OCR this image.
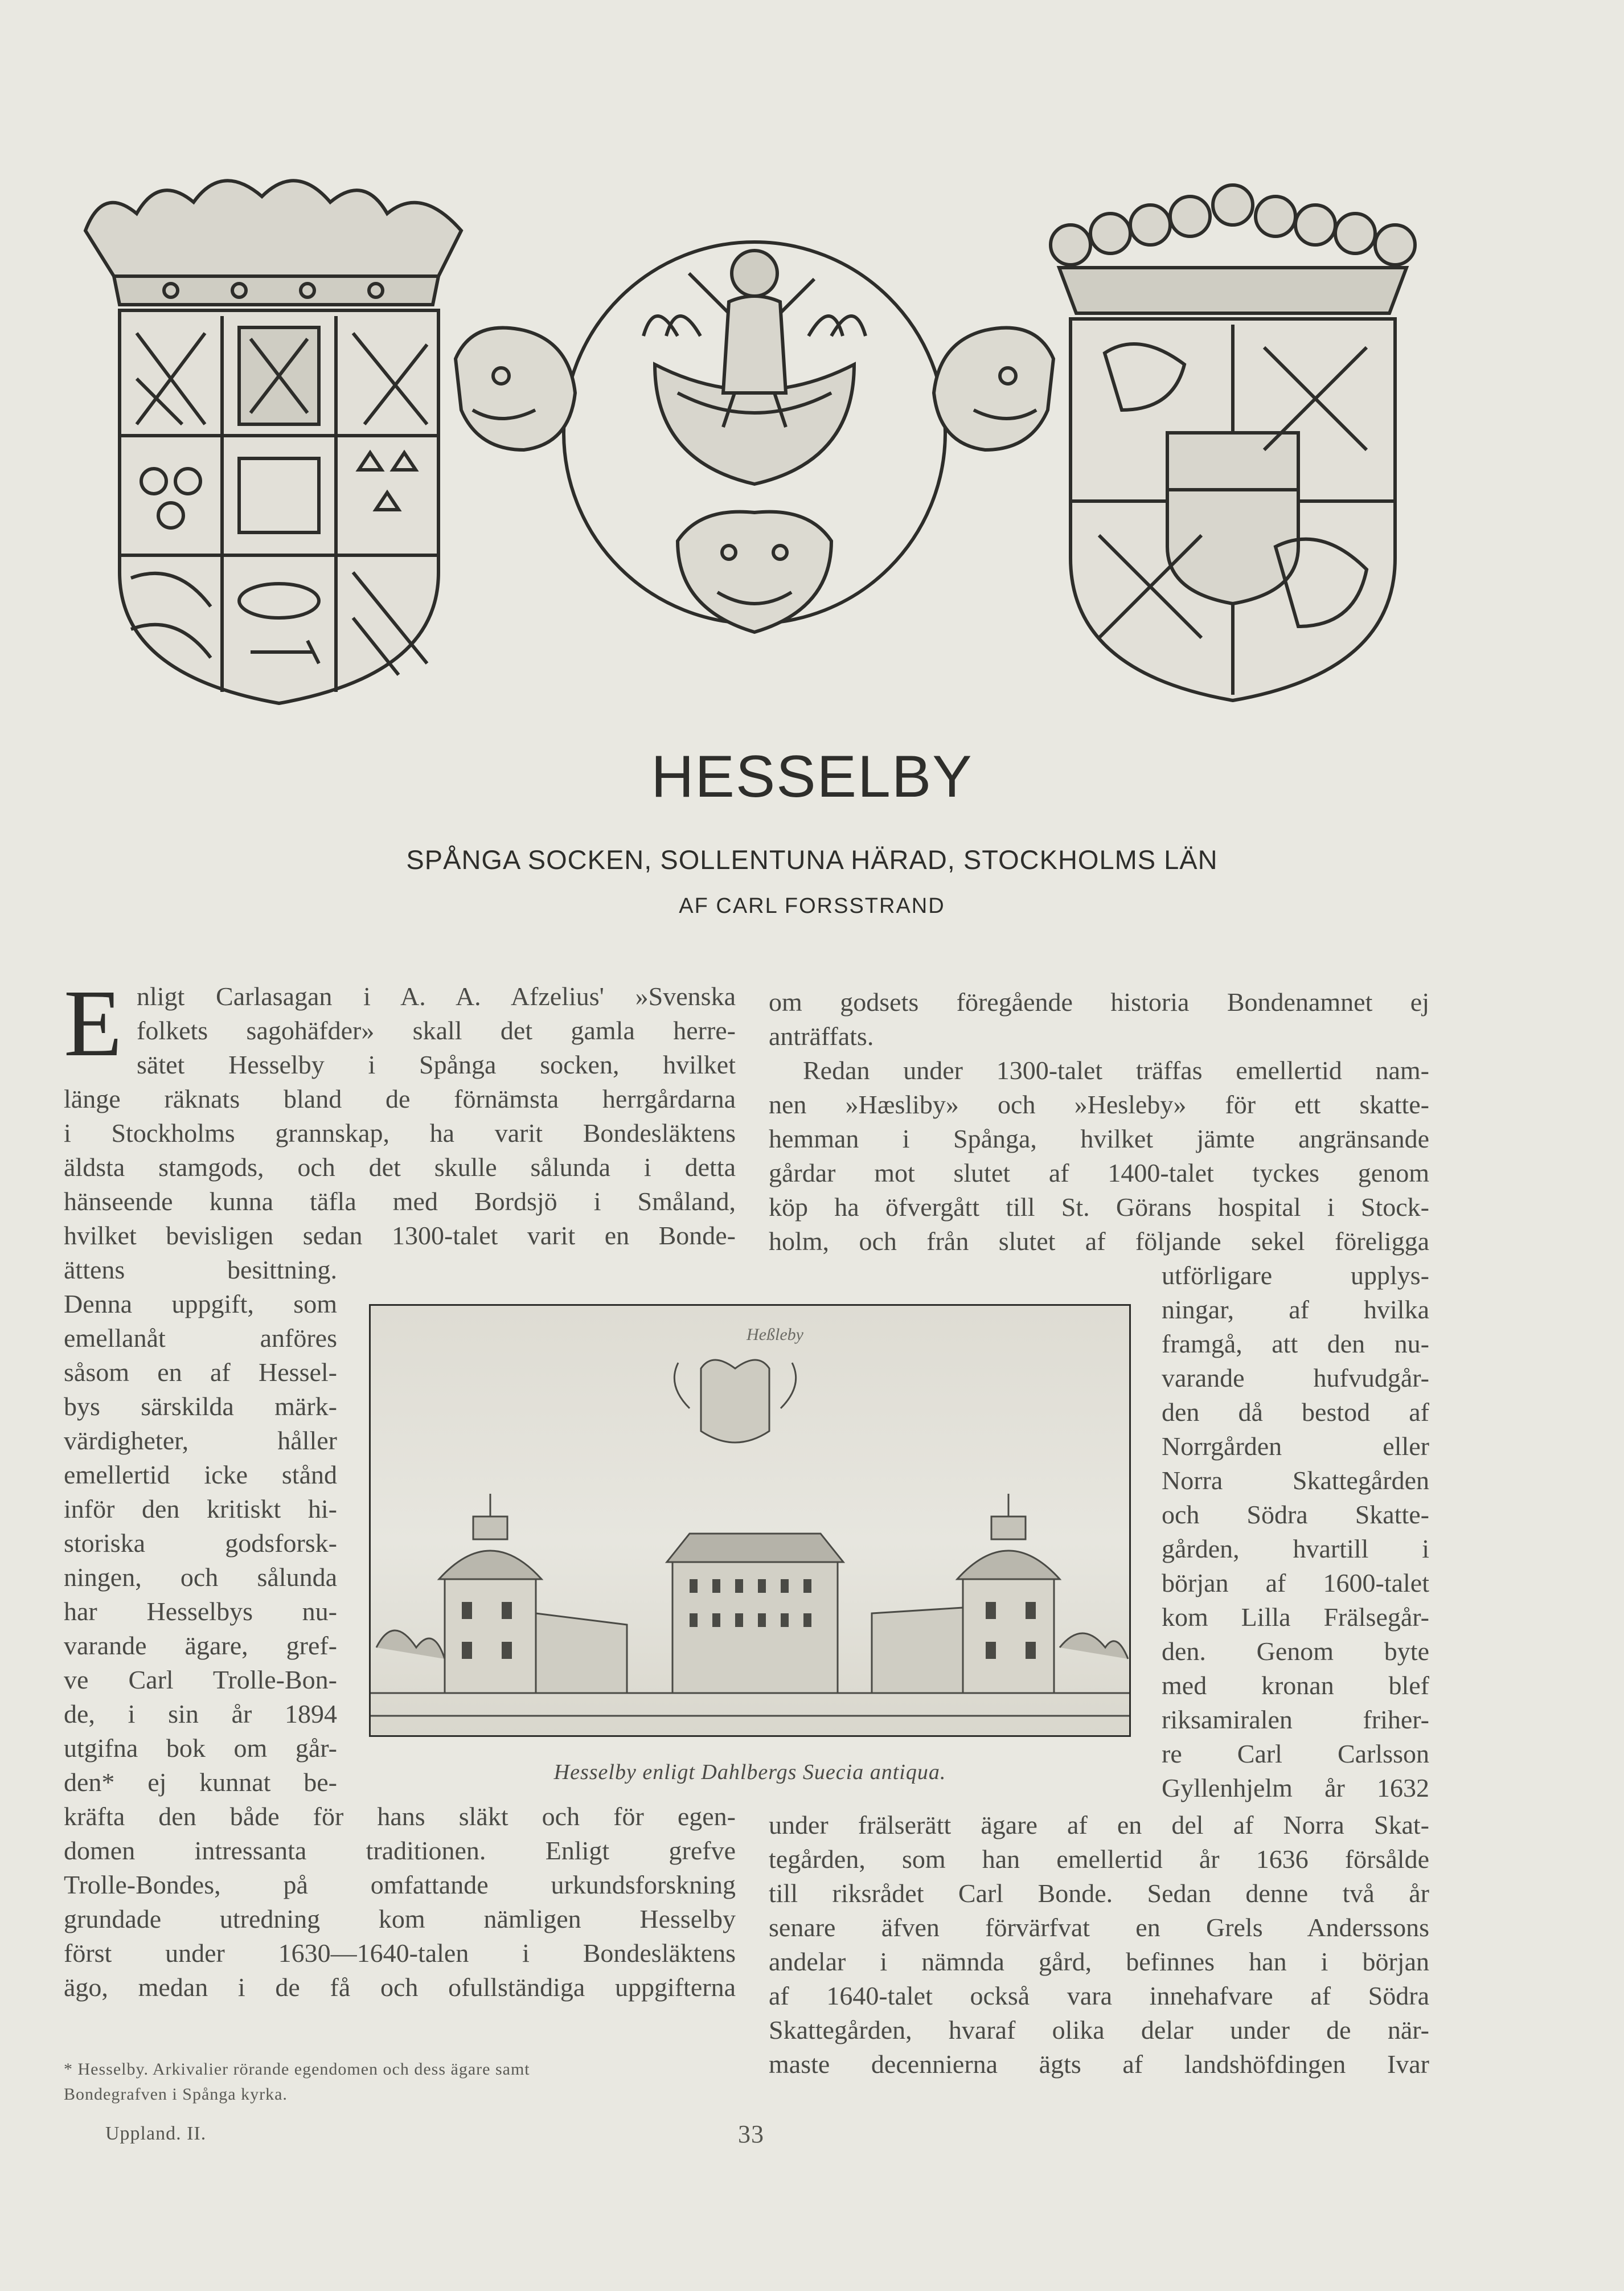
HESSELBY
SPÅNGA SOCKEN, SOLLENTUNA HÄRAD, STOCKHOLMS LÄN
AF CARL FORSSTRAND
E nligt Carlasagan i A. A. Afzelius' »Svenska
folkets sagohäfder» skall det gamla herre-
sätet Hesselby i Spånga socken, hvilket
länge räknats bland de förnämsta herrgårdarna
i Stockholms grannskap, ha varit Bondesläktens
äldsta stamgods, och det skulle sålunda i detta
hänseende kunna täfla med Bordsjö i Småland,
hvilket bevisligen sedan 1300-talet varit en Bonde-
ättens besittning.
Denna uppgift, som
emellanåt anföres
såsom en af Hessel-
bys särskilda märk-
värdigheter, håller
emellertid icke stånd
inför den kritiskt hi-
storiska godsforsk-
ningen, och sålunda
har Hesselbys nu-
varande ägare, gref-
ve Carl Trolle-Bon-
de, i sin år 1894
utgifna bok om går-
den* ej kunnat be-
kräfta den både för hans släkt och för egen-
domen intressanta traditionen. Enligt grefve
Trolle-Bondes, på omfattande urkundsforskning
grundade utredning kom nämligen Hesselby
först under 1630—1640-talen i Bondesläktens
ägo, medan i de få och ofullständiga uppgifterna
om godsets föregående historia Bondenamnet ej
anträffats.
Redan under 1300-talet träffas emellertid nam-
nen »Hæsliby» och »Hesleby» för ett skatte-
hemman i Spånga, hvilket jämte angränsande
gårdar mot slutet af 1400-talet tyckes genom
köp ha öfvergått till St. Görans hospital i Stock-
holm, och från slutet af följande sekel föreligga
utförligare upplys-
ningar, af hvilka
framgå, att den nu-
varande hufvudgår-
den då bestod af
Norrgården eller
Norra Skattegården
och Södra Skatte-
gården, hvartill i
början af 1600-talet
kom Lilla Frälsegår-
den. Genom byte
med kronan blef
riksamiralen friher-
re Carl Carlsson
Gyllenhjelm år 1632
under frälserätt ägare af en del af Norra Skat-
tegården, som han emellertid år 1636 försålde
till riksrådet Carl Bonde. Sedan denne två år
senare äfven förvärfvat en Grels Anderssons
andelar i nämnda gård, befinnes han i början
af 1640-talet också vara innehafvare af Södra
Skattegården, hvaraf olika delar under de när-
maste decennierna ägts af landshöfdingen Ivar
Heßleby
Hesselby enligt Dahlbergs Suecia antiqua.
* Hesselby. Arkivalier rörande egendomen och dess ägare samt
Bondegrafven i Spånga kyrka.
Uppland. II.	33
